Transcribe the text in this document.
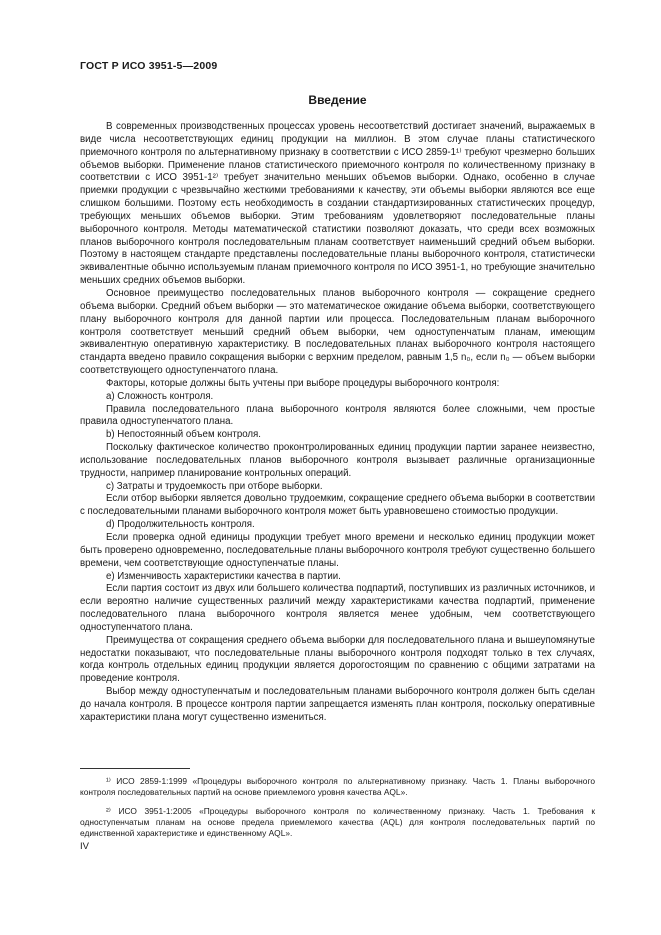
ГОСТ Р ИСО 3951-5—2009
Введение

В современных производственных процессах уровень несоответствий достигает значений, выражаемых в виде числа несоответствующих единиц продукции на миллион. В этом случае планы статистического приемочного контроля по альтернативному признаку в соответствии с ИСО 2859-1¹⁾ требуют чрезмерно больших объемов выборки. Применение планов статистического приемочного контроля по количественному признаку в соответствии с ИСО 3951-1²⁾ требует значительно меньших объемов выборки. Однако, особенно в случае приемки продукции с чрезвычайно жесткими требованиями к качеству, эти объемы выборки являются все еще слишком большими. Поэтому есть необходимость в создании стандартизированных статистических процедур, требующих меньших объемов выборки. Этим требованиям удовлетворяют последовательные планы выборочного контроля. Методы математической статистики позволяют доказать, что среди всех возможных планов выборочного контроля последовательным планам соответствует наименьший средний объем выборки. Поэтому в настоящем стандарте представлены последовательные планы выборочного контроля, статистически эквивалентные обычно используемым планам приемочного контроля по ИСО 3951-1, но требующие значительно меньших средних объемов выборки.

Основное преимущество последовательных планов выборочного контроля — сокращение среднего объема выборки. Средний объем выборки — это математическое ожидание объема выборки, соответствующего плану выборочного контроля для данной партии или процесса. Последовательным планам выборочного контроля соответствует меньший средний объем выборки, чем одноступенчатым планам, имеющим эквивалентную оперативную характеристику. В последовательных планах выборочного контроля настоящего стандарта введено правило сокращения выборки с верхним пределом, равным 1,5 n₀, если n₀ — объем выборки соответствующего одноступенчатого плана.

Факторы, которые должны быть учтены при выборе процедуры выборочного контроля:

a) Сложность контроля.

Правила последовательного плана выборочного контроля являются более сложными, чем простые правила одноступенчатого плана.

b) Непостоянный объем контроля.

Поскольку фактическое количество проконтролированных единиц продукции партии заранее неизвестно, использование последовательных планов выборочного контроля вызывает различные организационные трудности, например планирование контрольных операций.

c) Затраты и трудоемкость при отборе выборки.

Если отбор выборки является довольно трудоемким, сокращение среднего объема выборки в соответствии с последовательными планами выборочного контроля может быть уравновешено стоимостью продукции.

d) Продолжительность контроля.

Если проверка одной единицы продукции требует много времени и несколько единиц продукции может быть проверено одновременно, последовательные планы выборочного контроля требуют существенно большего времени, чем соответствующие одноступенчатые планы.

e) Изменчивость характеристики качества в партии.

Если партия состоит из двух или большего количества подпартий, поступивших из различных источников, и если вероятно наличие существенных различий между характеристиками качества подпартий, применение последовательного плана выборочного контроля является менее удобным, чем соответствующего одноступенчатого плана.

Преимущества от сокращения среднего объема выборки для последовательного плана и вышеупомянутые недостатки показывают, что последовательные планы выборочного контроля подходят только в тех случаях, когда контроль отдельных единиц продукции является дорогостоящим по сравнению с общими затратами на проведение контроля.

Выбор между одноступенчатым и последовательным планами выборочного контроля должен быть сделан до начала контроля. В процессе контроля партии запрещается изменять план контроля, поскольку оперативные характеристики плана могут существенно измениться.

¹⁾ ИСО 2859-1:1999 «Процедуры выборочного контроля по альтернативному признаку. Часть 1. Планы выборочного контроля последовательных партий на основе приемлемого уровня качества AQL».

²⁾ ИСО 3951-1:2005 «Процедуры выборочного контроля по количественному признаку. Часть 1. Требования к одноступенчатым планам на основе предела приемлемого качества (AQL) для контроля последовательных партий по единственной характеристике и единственному AQL».

IV
